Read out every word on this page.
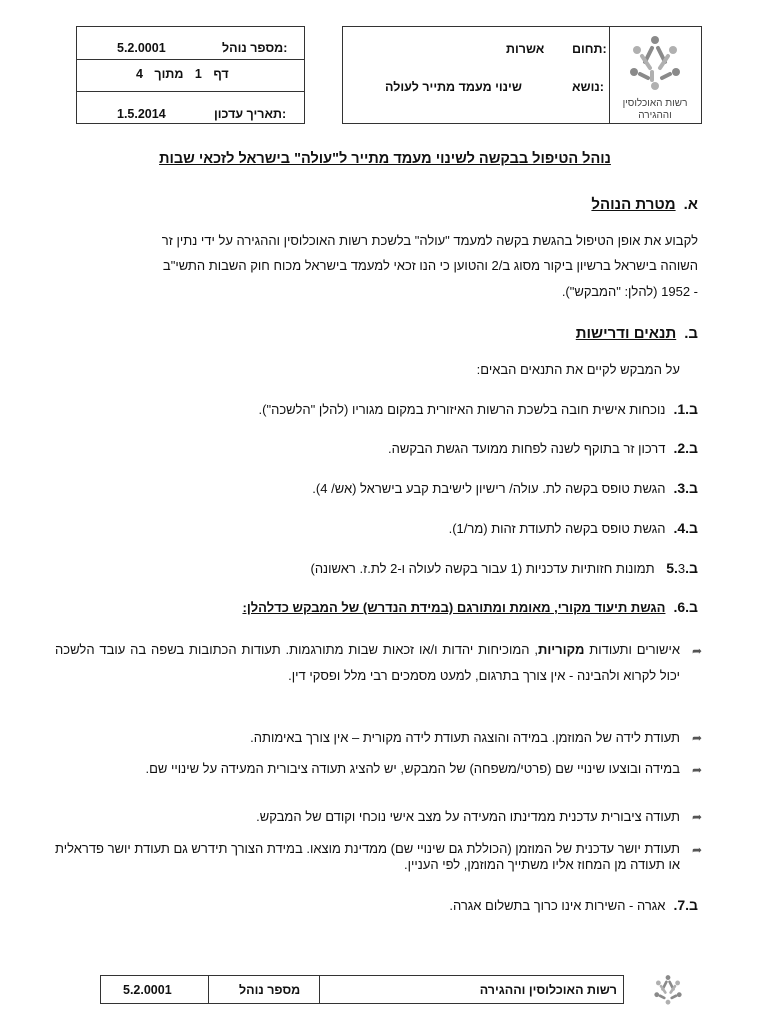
מספר נוהל:
5.2.0001
דף 1 מתוך 4
תאריך עדכון:
1.5.2014
תחום:
אשרות
נושא:
שינוי מעמד מתייר לעולה
רשות האוכלוסין
וההגירה
נוהל הטיפול בבקשה לשינוי מעמד מתייר ל"עולה" בישראל לזכאי שבות
א.מטרת הנוהל
לקבוע את אופן הטיפול בהגשת בקשה למעמד "עולה" בלשכת רשות האוכלוסין וההגירה על ידי נתין זר
השוהה בישראל ברשיון ביקור מסוג ב/2 והטוען כי הנו זכאי למעמד בישראל מכוח חוק השבות התשי"ב
- 1952 (להלן: "המבקש").
ב.תנאים ודרישות
על המבקש לקיים את התנאים הבאים:
ב.1.נוכחות אישית חובה בלשכת הרשות האיזורית במקום מגוריו (להלן "הלשכה").
ב.2.דרכון זר בתוקף לשנה לפחות ממועד הגשת הבקשה.
ב.3.הגשת טופס בקשה לת. עולה/ רישיון לישיבת קבע בישראל (אש/ 4).
ב.4.הגשת טופס בקשה לתעודת זהות (מר/1).
ב.5.3 תמונות חזותיות עדכניות (1 עבור בקשה לעולה ו-2 לת.ז. ראשונה)
ב.6.הגשת תיעוד מקורי, מאומת ומתורגם (במידת הנדרש) של המבקש כדלהלן:
➦
אישורים ותעודות מקוריות, המוכיחות יהדות ו/או זכאות שבות מתורגמות. תעודות הכתובות בשפה בה עובד הלשכה יכול לקרוא ולהבינה - אין צורך בתרגום, למעט מסמכים רבי מלל ופסקי דין.
➦
תעודת לידה של המוזמן. במידה והוצגה תעודת לידה מקורית – אין צורך באימותה.
➦
במידה ובוצעו שינויי שם (פרטי/משפחה) של המבקש, יש להציג תעודה ציבורית המעידה על שינויי שם.
➦
תעודה ציבורית עדכנית ממדינתו המעידה על מצב אישי נוכחי וקודם של המבקש.
➦
תעודת יושר עדכנית של המוזמן (הכוללת גם שינויי שם) ממדינת מוצאו. במידת הצורך תידרש גם תעודת יושר פדראלית או תעודה מן המחוז אליו משתייך המוזמן, לפי העניין.
ב.7.אגרה - השירות אינו כרוך בתשלום אגרה.
5.2.0001	מספר נוהל	רשות האוכלוסין וההגירה
